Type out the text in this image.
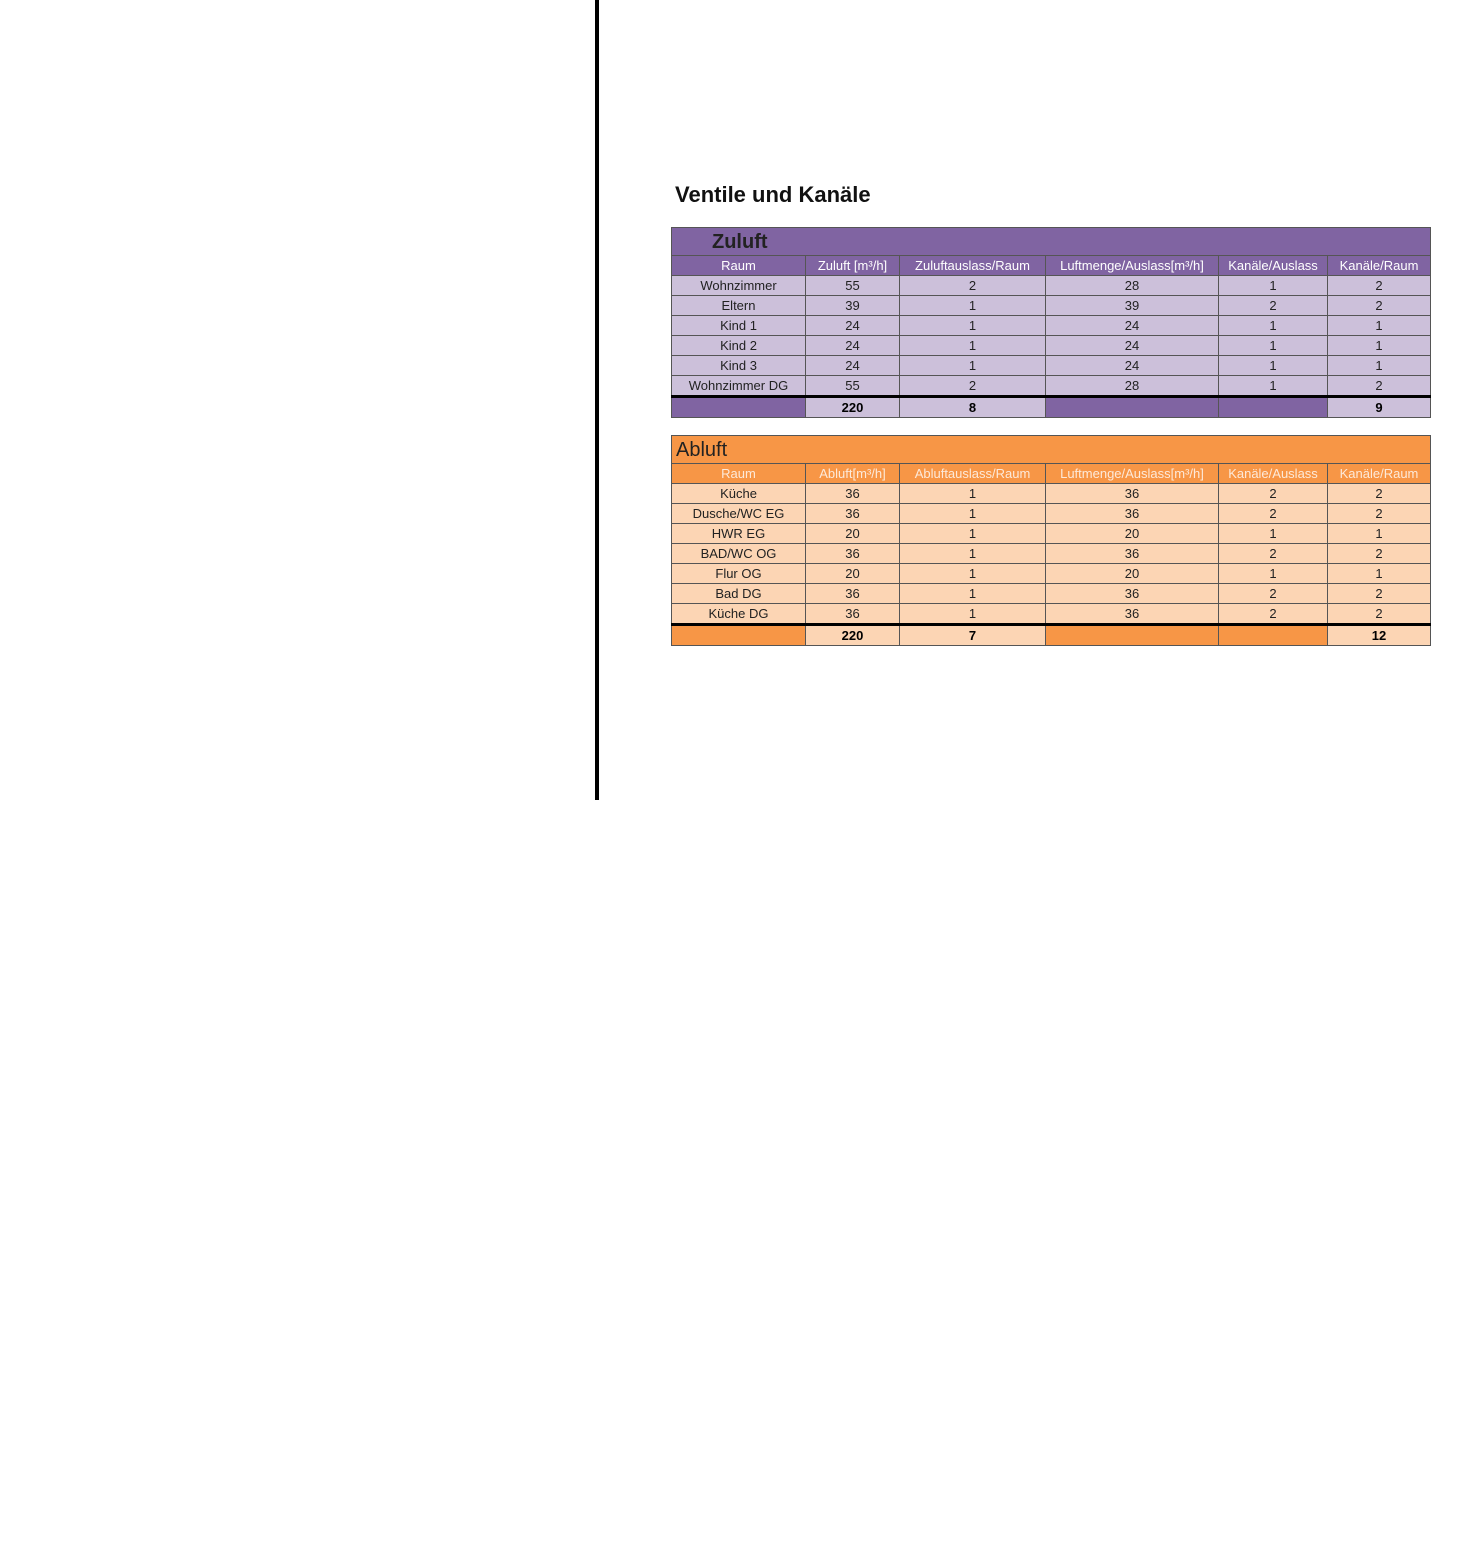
Ventile und Kanäle
Zuluft					
Raum	Zuluft [m³/h]	Zuluftauslass/Raum	Luftmenge/Auslass[m³/h]	Kanäle/Auslass	Kanäle/Raum
Wohnzimmer	55	2	28	1	2
Eltern	39	1	39	2	2
Kind 1	24	1	24	1	1
Kind 2	24	1	24	1	1
Kind 3	24	1	24	1	1
Wohnzimmer DG	55	2	28	1	2
	220	8			9
Abluft					
Raum	Abluft[m³/h]	Abluftauslass/Raum	Luftmenge/Auslass[m³/h]	Kanäle/Auslass	Kanäle/Raum
Küche	36	1	36	2	2
Dusche/WC EG	36	1	36	2	2
HWR EG	20	1	20	1	1
BAD/WC OG	36	1	36	2	2
Flur OG	20	1	20	1	1
Bad DG	36	1	36	2	2
Küche DG	36	1	36	2	2
	220	7			12
